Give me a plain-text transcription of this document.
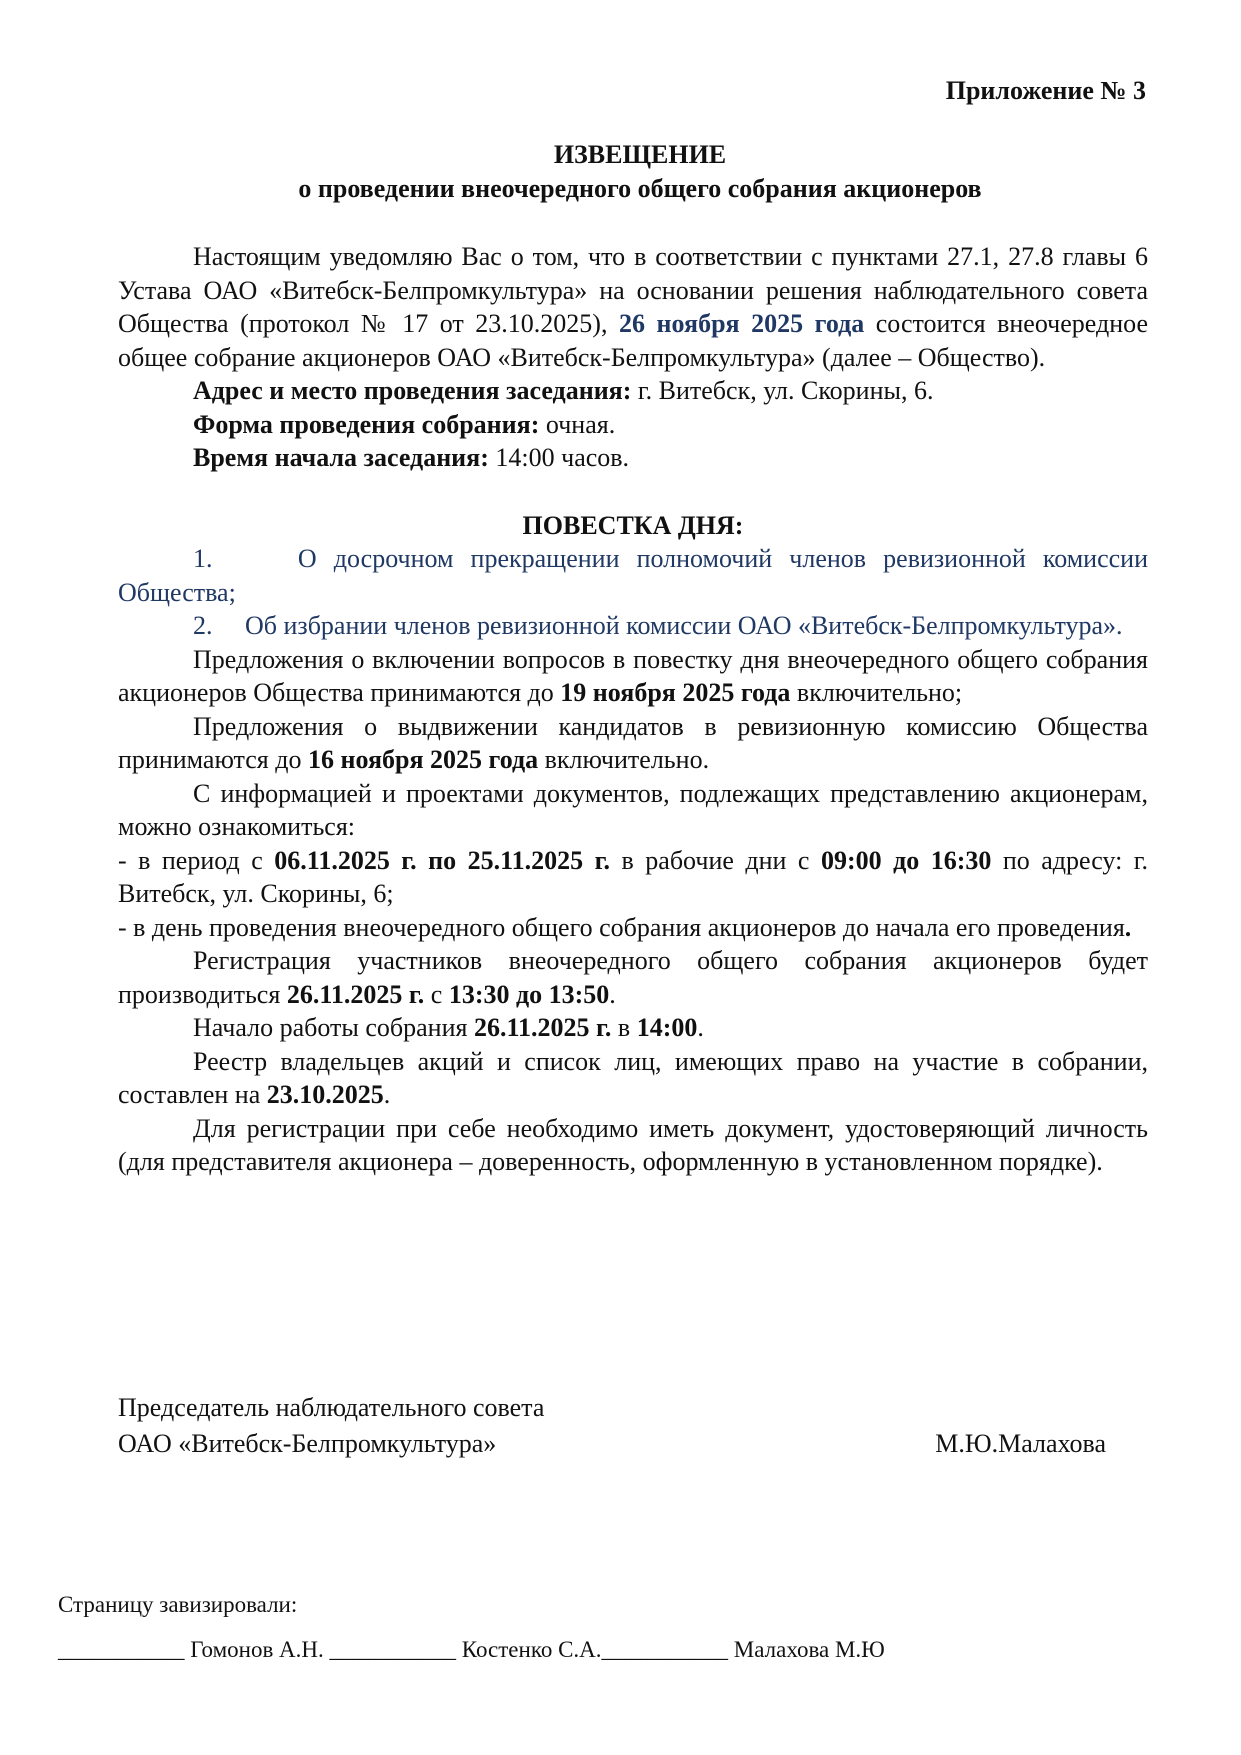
Приложение № 3
ИЗВЕЩЕНИЕ
о проведении внеочередного общего собрания акционеров

Настоящим уведомляю Вас о том, что в соответствии с пунктами 27.1, 27.8 главы 6 Устава ОАО «Витебск-Белпромкультура» на основании решения наблюдательного совета Общества (протокол № 17 от 23.10.2025), 26 ноября 2025 года состоится внеочередное общее собрание акционеров ОАО «Витебск-Белпромкультура» (далее – Общество).

Адрес и место проведения заседания: г. Витебск, ул. Скорины, 6.

Форма проведения собрания: очная.

Время начала заседания: 14:00 часов.

ПОВЕСТКА ДНЯ:

1.     О досрочном прекращении полномочий членов ревизионной комиссии Общества;

2.     Об избрании членов ревизионной комиссии ОАО «Витебск-Белпромкультура».

Предложения о включении вопросов в повестку дня внеочередного общего собрания акционеров Общества принимаются до 19 ноября 2025 года включительно;

Предложения о выдвижении кандидатов в ревизионную комиссию Общества принимаются до 16 ноября 2025 года включительно.

С информацией и проектами документов, подлежащих представлению акционерам, можно ознакомиться:

- в период с 06.11.2025 г. по 25.11.2025 г. в рабочие дни с 09:00 до 16:30 по адресу: г. Витебск, ул. Скорины, 6;

- в день проведения внеочередного общего собрания акционеров до начала его проведения.

Регистрация участников внеочередного общего собрания акционеров будет производиться 26.11.2025 г. с 13:30 до 13:50.

Начало работы собрания 26.11.2025 г. в 14:00.

Реестр владельцев акций и список лиц, имеющих право на участие в собрании, составлен на 23.10.2025.

Для регистрации при себе необходимо иметь документ, удостоверяющий личность (для представителя акционера – доверенность, оформленную в установленном порядке).

Председатель наблюдательного совета
ОАО «Витебск-Белпромкультура»	М.Ю.Малахова
Страницу завизировали:
___________ Гомонов А.Н. ___________ Костенко С.А.___________ Малахова М.Ю
